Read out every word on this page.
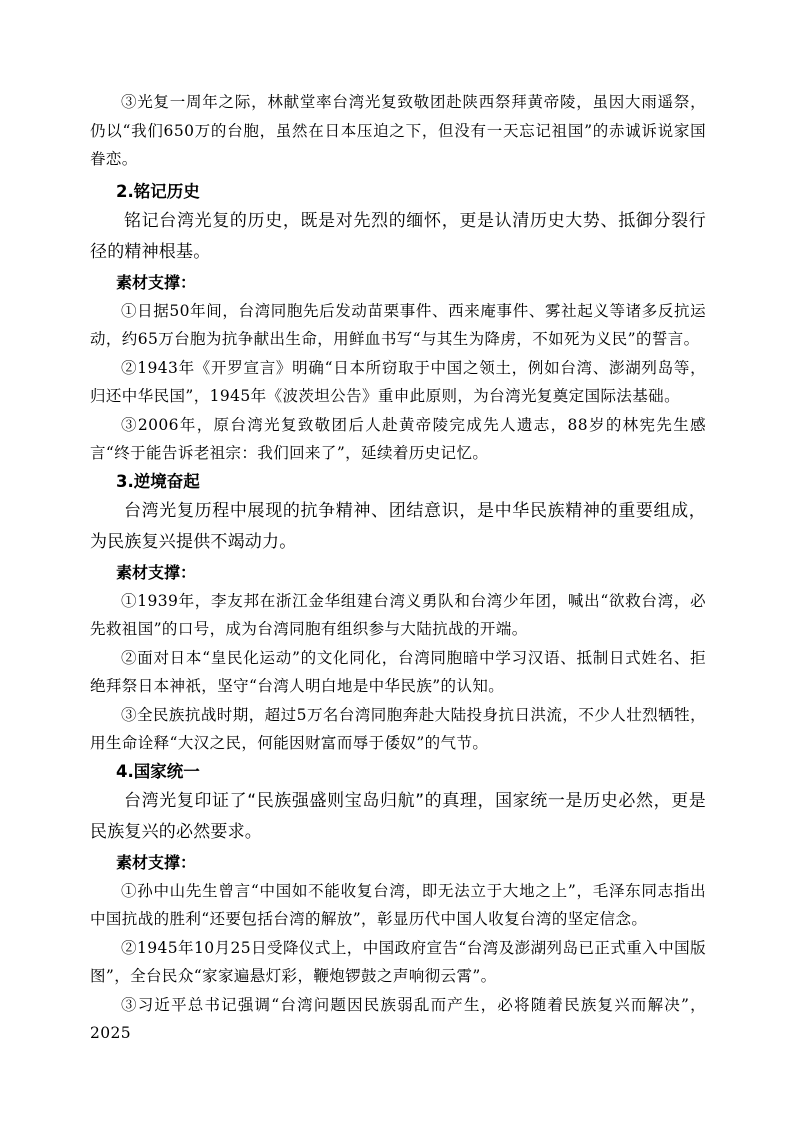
③光复一周年之际，林献堂率台湾光复致敬团赴陕西祭拜黄帝陵，虽因大雨遥祭，仍以“我们650万的台胞，虽然在日本压迫之下，但没有一天忘记祖国”的赤诚诉说家国眷恋。

2.铭记历史

铭记台湾光复的历史，既是对先烈的缅怀，更是认清历史大势、抵御分裂行径的精神根基。

素材支撑：

①日据50年间，台湾同胞先后发动苗栗事件、西来庵事件、雾社起义等诸多反抗运动，约65万台胞为抗争献出生命，用鲜血书写“与其生为降虏，不如死为义民”的誓言。

②1943年《开罗宣言》明确“日本所窃取于中国之领土，例如台湾、澎湖列岛等，归还中华民国”，1945年《波茨坦公告》重申此原则，为台湾光复奠定国际法基础。

③2006年，原台湾光复致敬团后人赴黄帝陵完成先人遗志，88岁的林宪先生感言“终于能告诉老祖宗：我们回来了”，延续着历史记忆。

3.逆境奋起

台湾光复历程中展现的抗争精神、团结意识，是中华民族精神的重要组成，为民族复兴提供不竭动力。

素材支撑：

①1939年，李友邦在浙江金华组建台湾义勇队和台湾少年团，喊出“欲救台湾，必先救祖国”的口号，成为台湾同胞有组织参与大陆抗战的开端。

②面对日本“皇民化运动”的文化同化，台湾同胞暗中学习汉语、抵制日式姓名、拒绝拜祭日本神祇，坚守“台湾人明白地是中华民族”的认知。

③全民族抗战时期，超过5万名台湾同胞奔赴大陆投身抗日洪流，不少人壮烈牺牲，用生命诠释“大汉之民，何能因财富而辱于倭奴”的气节。

4.国家统一

台湾光复印证了“民族强盛则宝岛归航”的真理，国家统一是历史必然，更是民族复兴的必然要求。

素材支撑：

①孙中山先生曾言“中国如不能收复台湾，即无法立于大地之上”，毛泽东同志指出中国抗战的胜利“还要包括台湾的解放”，彰显历代中国人收复台湾的坚定信念。

②1945年10月25日受降仪式上，中国政府宣告“台湾及澎湖列岛已正式重入中国版图”，全台民众“家家遍悬灯彩，鞭炮锣鼓之声响彻云霄”。

③习近平总书记强调“台湾问题因民族弱乱而产生，必将随着民族复兴而解决”，2025
